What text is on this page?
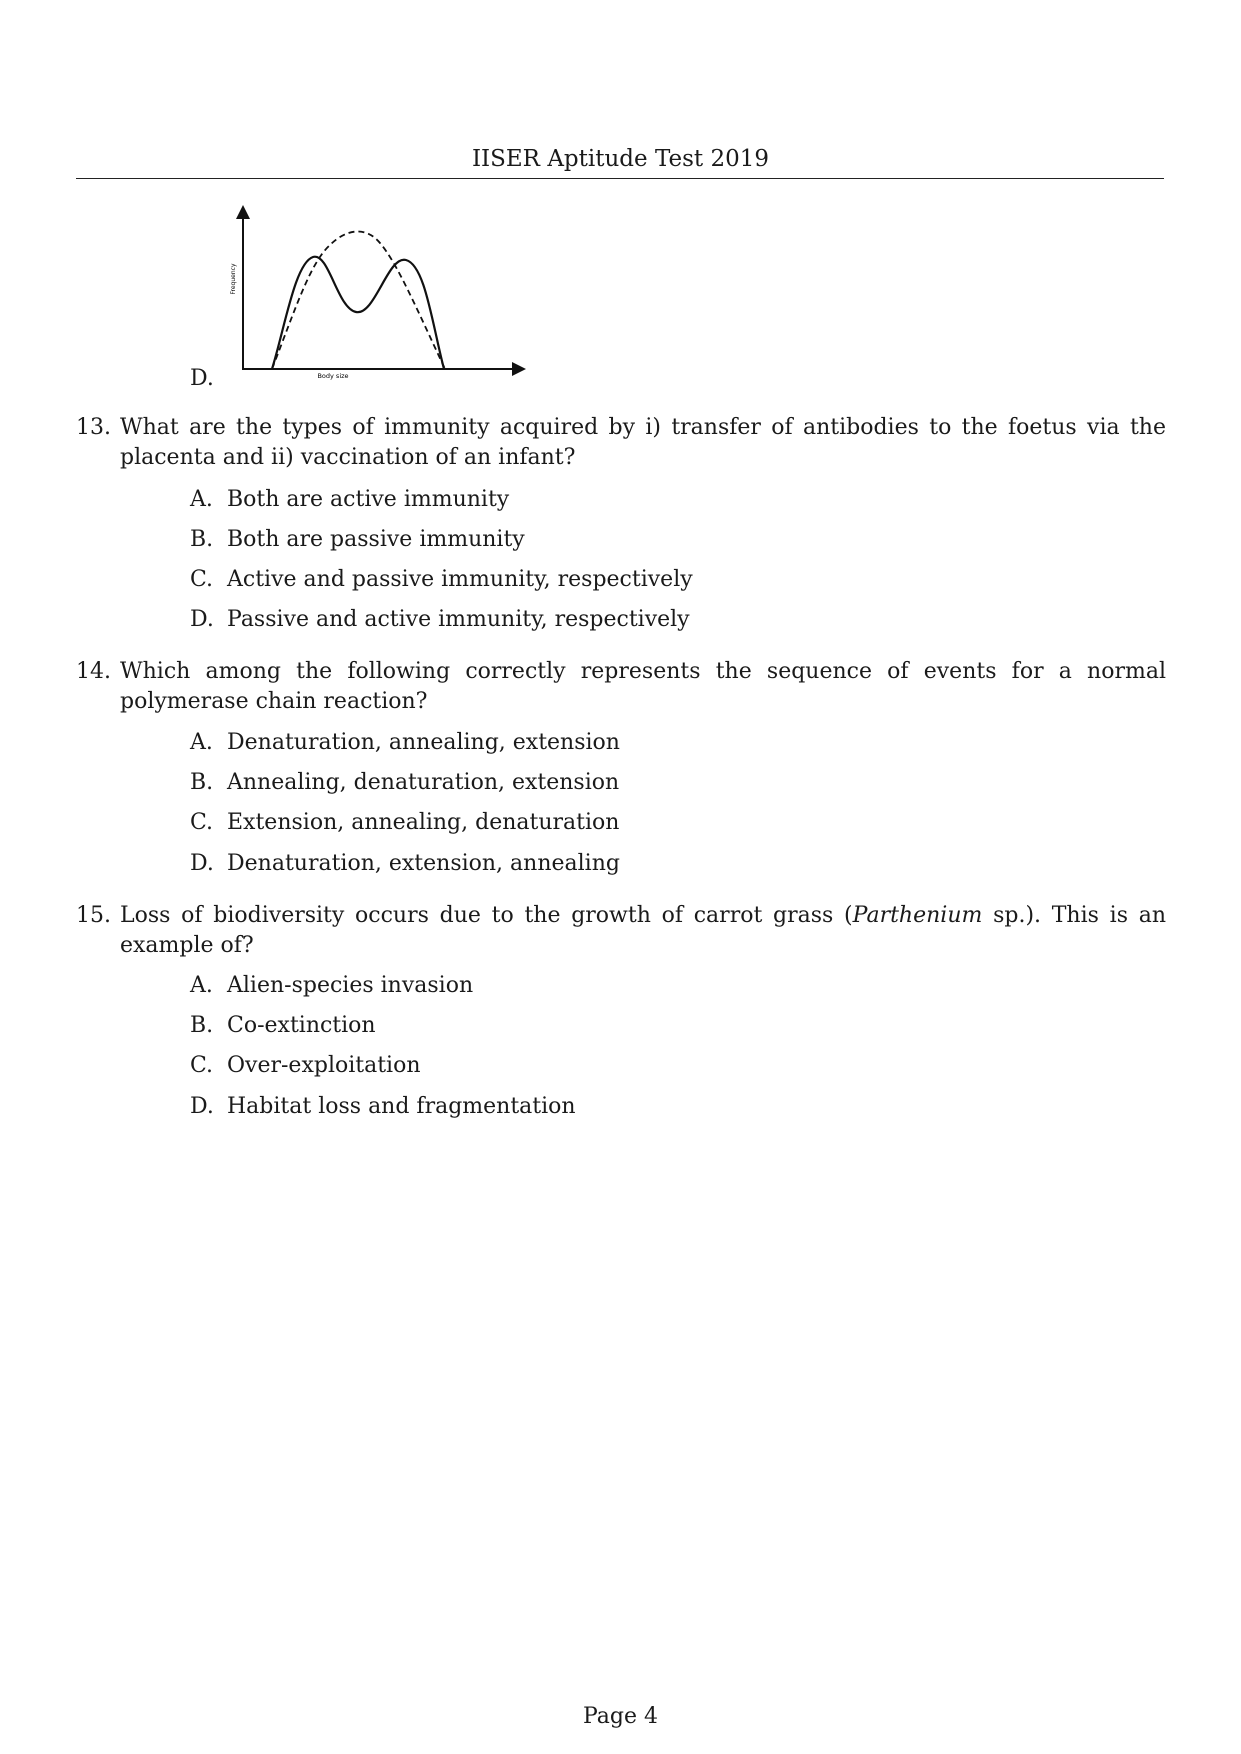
IISER Aptitude Test 2019
D.
Frequency
Body size
13. What are the types of immunity acquired by i) transfer of antibodies to the foetus via the placenta and ii) vaccination of an infant?
A. Both are active immunity
B. Both are passive immunity
C. Active and passive immunity, respectively
D. Passive and active immunity, respectively
14. Which among the following correctly represents the sequence of events for a normal polymerase chain reaction?
A. Denaturation, annealing, extension
B. Annealing, denaturation, extension
C. Extension, annealing, denaturation
D. Denaturation, extension, annealing
15. Loss of biodiversity occurs due to the growth of carrot grass (Parthenium sp.). This is an example of?
A. Alien-species invasion
B. Co-extinction
C. Over-exploitation
D. Habitat loss and fragmentation
Page 4
